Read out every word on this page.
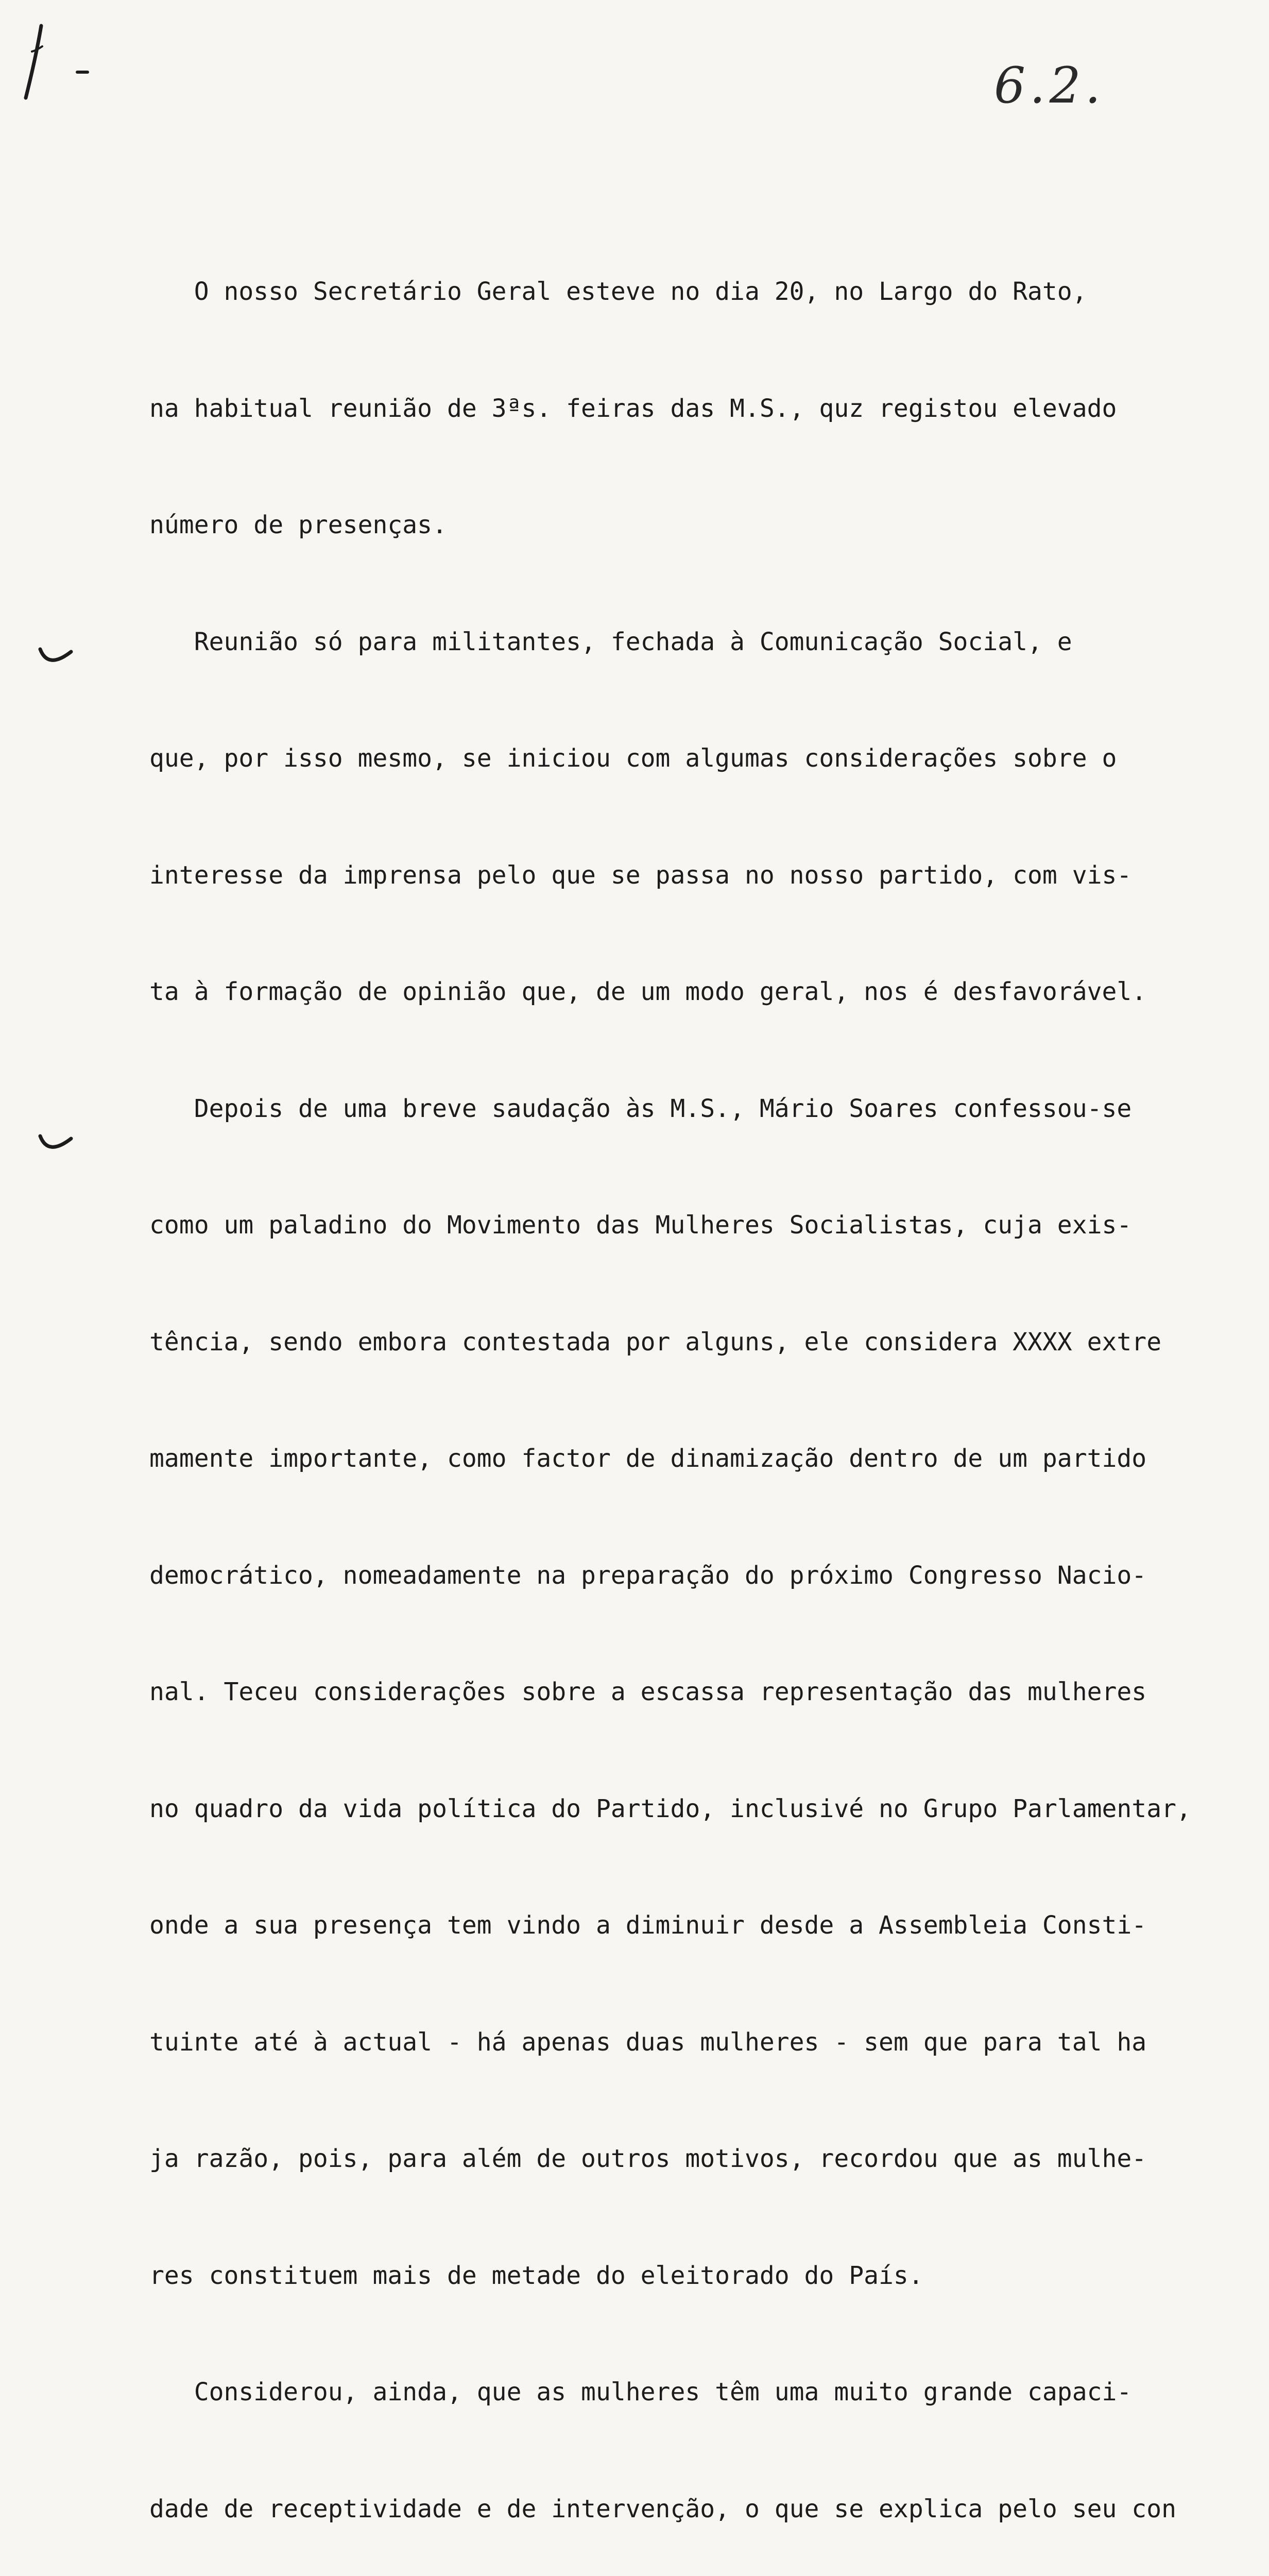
6.2.

O nosso Secretário Geral esteve no dia 20, no Largo do Rato,

na habitual reunião de 3ªs. feiras das M.S., quz registou elevado

número de presenças.

Reunião só para militantes, fechada à Comunicação Social, e

que, por isso mesmo, se iniciou com algumas considerações sobre o

interesse da imprensa pelo que se passa no nosso partido, com vis-

ta à formação de opinião que, de um modo geral, nos é desfavorável.

Depois de uma breve saudação às M.S., Mário Soares confessou-se

como um paladino do Movimento das Mulheres Socialistas, cuja exis-

tência, sendo embora contestada por alguns, ele considera XXXX extre

mamente importante, como factor de dinamização dentro de um partido

democrático, nomeadamente na preparação do próximo Congresso Nacio-

nal. Teceu considerações sobre a escassa representação das mulheres

no quadro da vida política do Partido, inclusivé no Grupo Parlamentar,

onde a sua presença tem vindo a diminuir desde a Assembleia Consti-

tuinte até à actual - há apenas duas mulheres - sem que para tal ha

ja razão, pois, para além de outros motivos, recordou que as mulhe-

res constituem mais de metade do eleitorado do País.

Considerou, ainda, que as mulheres têm uma muito grande capaci-

dade de receptividade e de intervenção, o que se explica pelo seu con
